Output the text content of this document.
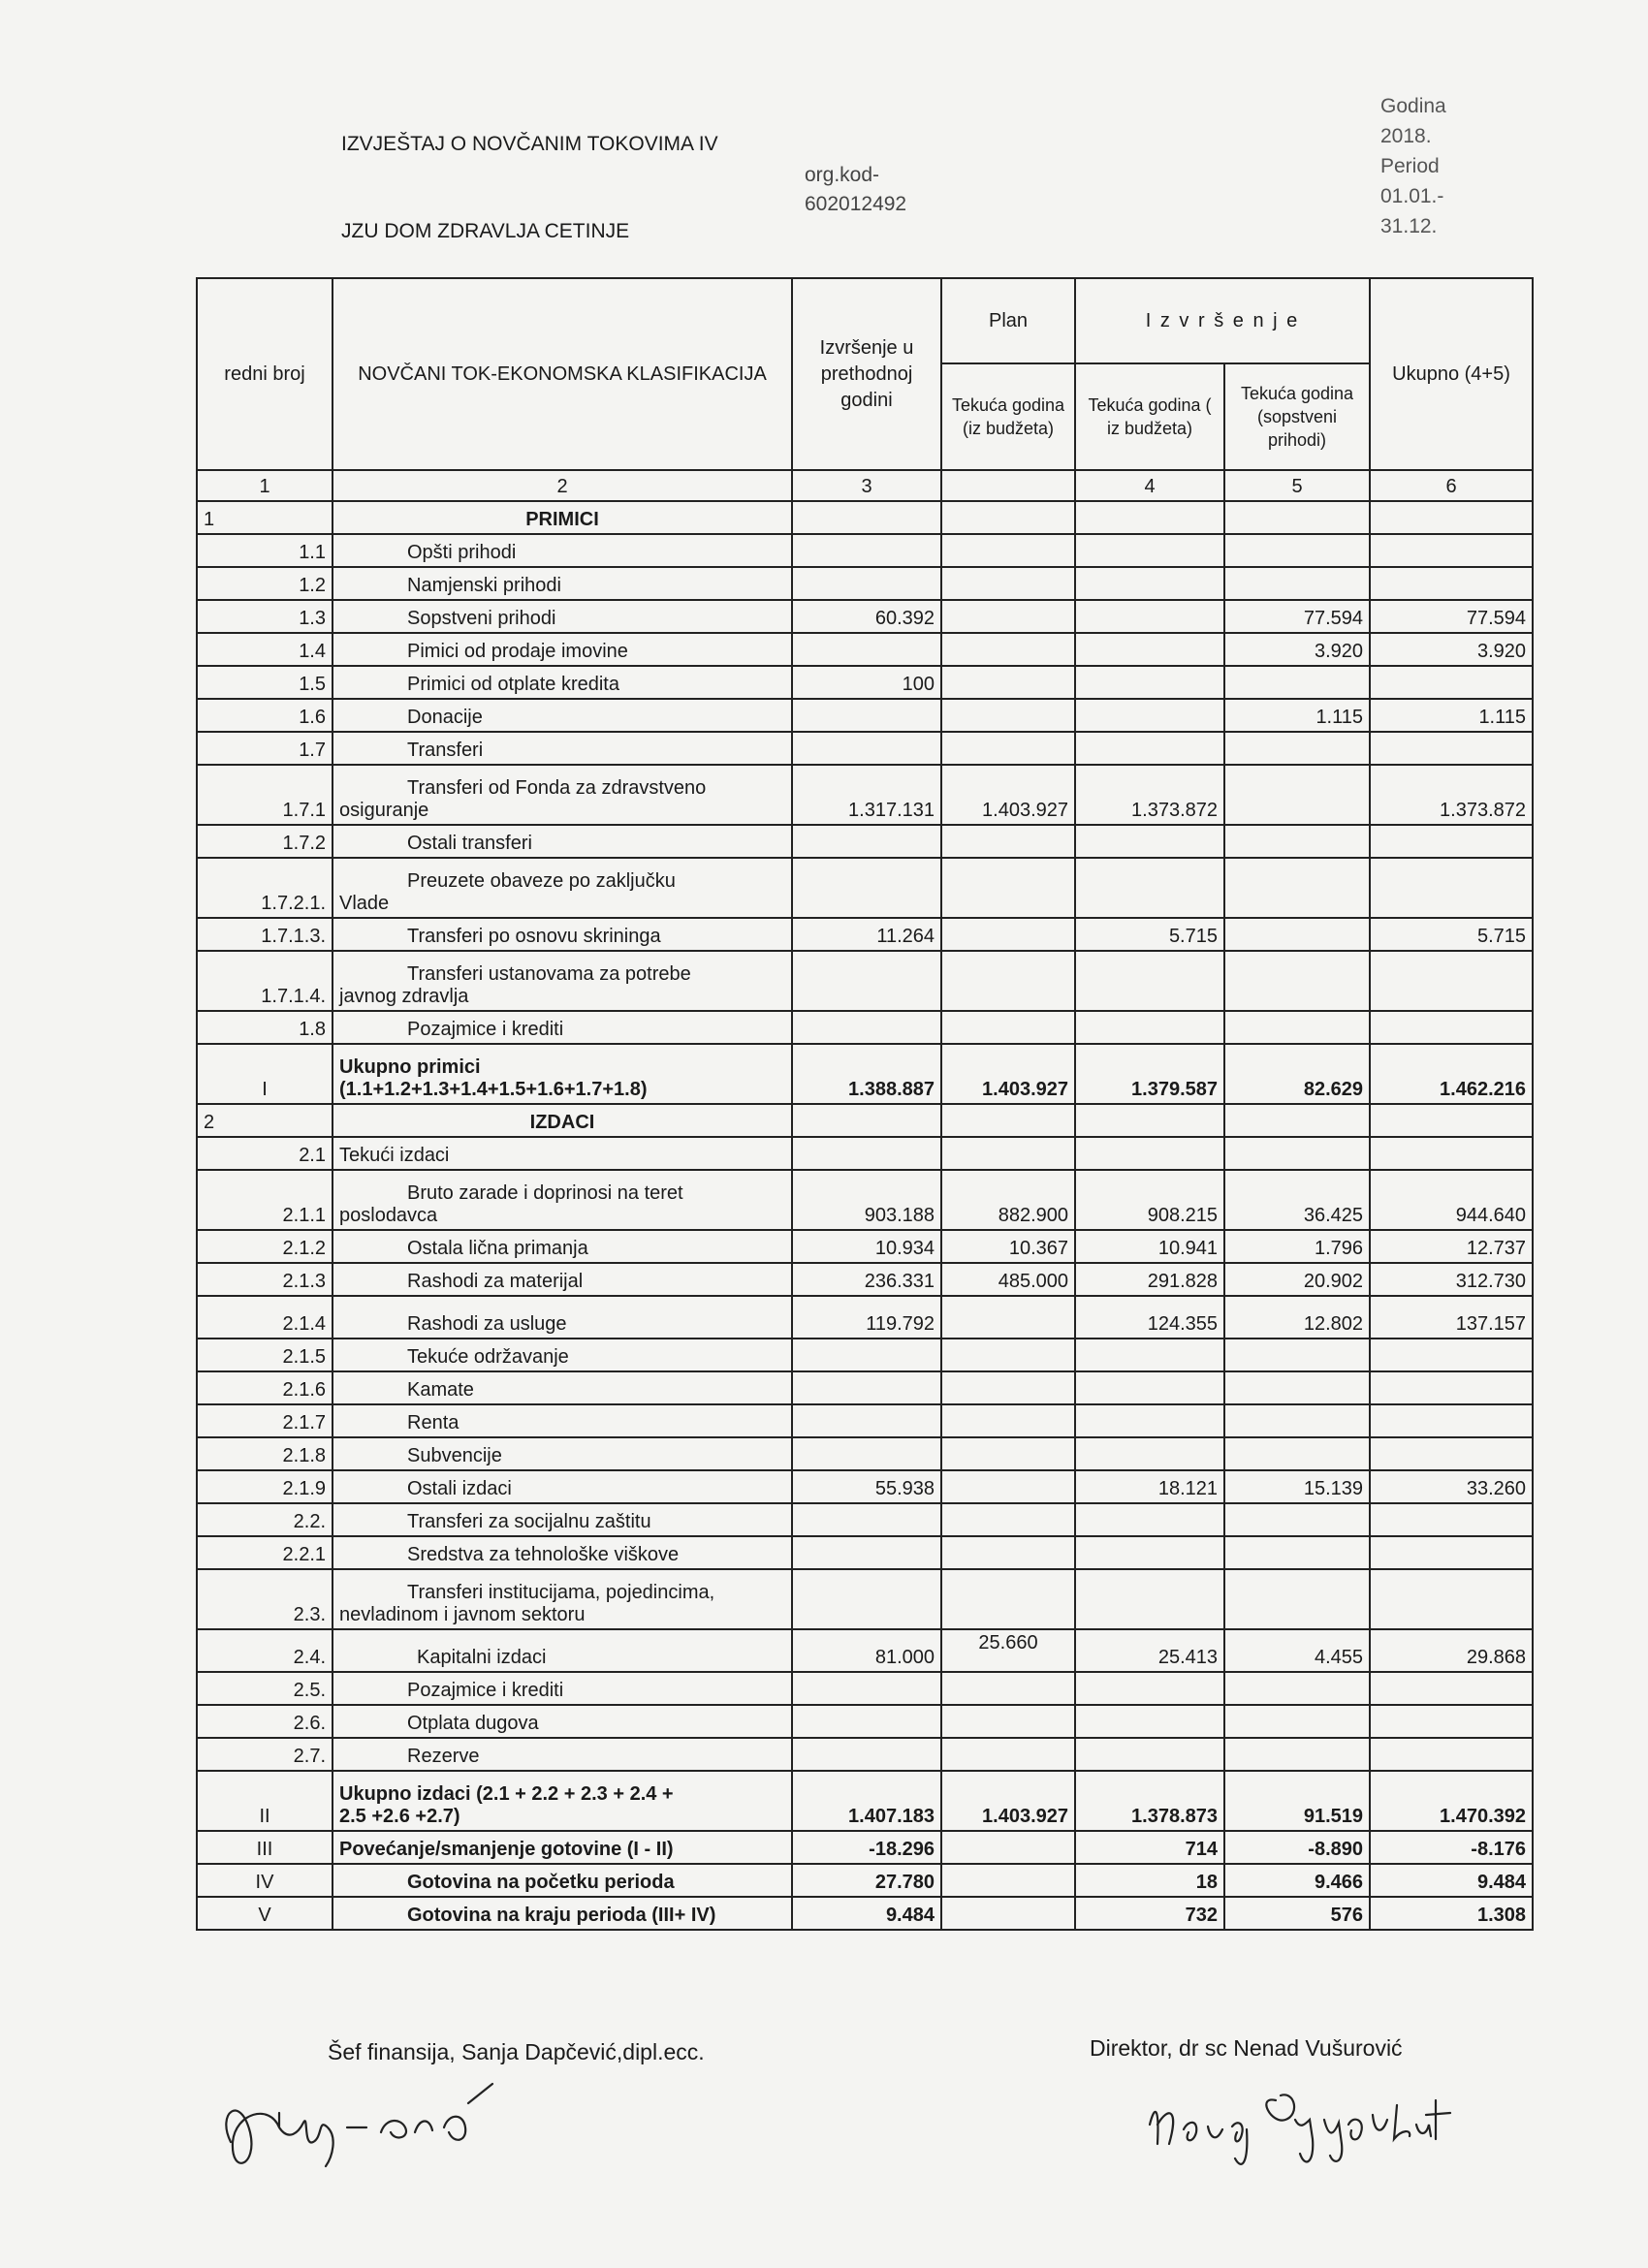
IZVJEŠTAJ O NOVČANIM TOKOVIMA IV
JZU DOM ZDRAVLJA CETINJE
org.kod-
602012492
Godina
2018.
Period
01.01.-
31.12.
redni broj	NOVČANI TOK-EKONOMSKA KLASIFIKACIJA	Izvršenje u prethodnoj godini	Plan	I z v r š e n j e		Ukupno (4+5)
			Tekuća godina (iz budžeta)	Tekuća godina ( iz budžeta)	Tekuća godina (sopstveni prihodi)	
1	2	3		4	5	6
1	PRIMICI					
1.1	Opšti prihodi					
1.2	Namjenski prihodi					
1.3	Sopstveni prihodi	60.392			77.594	77.594
1.4	Pimici od prodaje imovine				3.920	3.920
1.5	Primici od otplate kredita	100				
1.6	Donacije				1.115	1.115
1.7	Transferi					
1.7.1	Transferi od Fonda za zdravstveno
osiguranje	1.317.131	1.403.927	1.373.872		1.373.872
1.7.2	Ostali transferi					
1.7.2.1.	Preuzete obaveze po zaključku
Vlade					

1.7.1.3.	Transferi po osnovu skrininga	11.264		5.715		5.715
1.7.1.4.	Transferi ustanovama za potrebe
javnog zdravlja					

1.8	Pozajmice i krediti					
I	Ukupno primici
(1.1+1.2+1.3+1.4+1.5+1.6+1.7+1.8)	1.388.887	1.403.927	1.379.587	82.629	1.462.216
2	IZDACI					
2.1	Tekući izdaci					
2.1.1	Bruto zarade i doprinosi na teret
poslodavca	903.188	882.900	908.215	36.425	944.640
2.1.2	Ostala lična primanja	10.934	10.367	10.941	1.796	12.737
2.1.3	Rashodi za materijal	236.331	485.000	291.828	20.902	312.730
2.1.4	Rashodi za usluge	119.792		124.355	12.802	137.157
2.1.5	Tekuće održavanje					
2.1.6	Kamate					
2.1.7	Renta					
2.1.8	Subvencije					
2.1.9	Ostali izdaci	55.938		18.121	15.139	33.260
2.2.	Transferi za socijalnu zaštitu					
2.2.1	Sredstva za tehnološke viškove					
2.3.	Transferi institucijama, pojedincima,
nevladinom i javnom sektoru					

2.4.	Kapitalni izdaci	81.000	25.660	25.413	4.455	29.868
2.5.	Pozajmice i krediti					
2.6.	Otplata dugova					
2.7.	Rezerve					
II	Ukupno izdaci (2.1 + 2.2 + 2.3 + 2.4 +
2.5 +2.6 +2.7)	1.407.183	1.403.927	1.378.873	91.519	1.470.392
III	Povećanje/smanjenje gotovine (I - II)	-18.296		714	-8.890	-8.176
IV	Gotovina na početku perioda	27.780		18	9.466	9.484
V	Gotovina na kraju perioda (III+ IV)	9.484		732	576	1.308
Šef finansija, Sanja Dapčević,dipl.ecc.	Direktor, dr sc Nenad Vušurović
